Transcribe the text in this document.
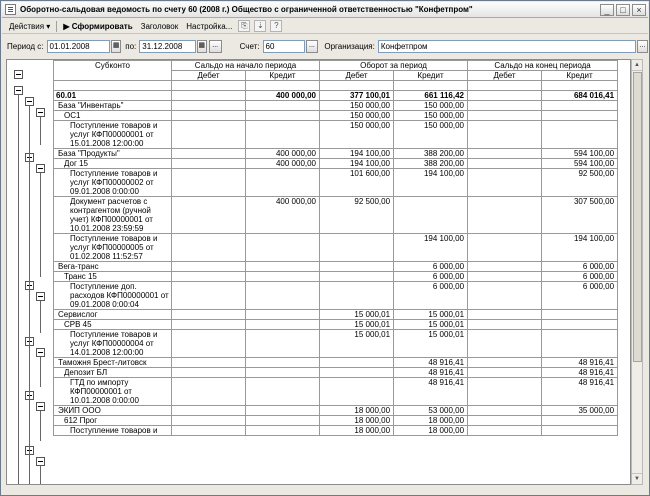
Оборотно-сальдовая ведомость по счету 60 (2008 г.) Общество с ограниченной ответственностью "Конфетпром"	_	□	×
Действия ▾	▶ Сформировать	Заголовок	Настройка...	⎘	⇣	?
Период с: 01.01.2008	▦ по: 31.12.2008	▦	...	Счет: 60	...	Организация: Конфетпром	...
Субконто	Сальдо на начало периода		Оборот за период		Сальдо на конец периода	
	Дебет	Кредит	Дебет	Кредит	Дебет	Кредит

60.01		400 000,00	377 100,01	661 116,42		684 016,41
База "Инвентарь"			150 000,00	150 000,00		
ОС1			150 000,00	150 000,00		
Поступление товаров и услуг КФП00000001 от 15.01.2008 12:00:00			150 000,00	150 000,00		
База "Продукты"		400 000,00	194 100,00	388 200,00		594 100,00
Дог 15		400 000,00	194 100,00	388 200,00		594 100,00
Поступление товаров и услуг КФП00000002 от 09.01.2008 0:00:00			101 600,00	194 100,00		92 500,00
Документ расчетов с контрагентом (ручной учет) КФП00000001 от 10.01.2008 23:59:59		400 000,00	92 500,00			307 500,00
Поступление товаров и услуг КФП00000005 от 01.02.2008 11:52:57				194 100,00		194 100,00
Вега-транс				6 000,00		6 000,00
Транс 15				6 000,00		6 000,00
Поступление доп. расходов КФП00000001 от 09.01.2008 0:00:04				6 000,00		6 000,00
Сервислог			15 000,01	15 000,01		
СРВ 45			15 000,01	15 000,01		
Поступление товаров и услуг КФП00000004 от 14.01.2008 12:00:00			15 000,01	15 000,01		
Таможня Брест-литовск				48 916,41		48 916,41
Депозит БЛ				48 916,41		48 916,41
ГТД по импорту КФП00000001 от 10.01.2008 0:00:00				48 916,41		48 916,41
ЭКИП ООО			18 000,00	53 000,00		35 000,00
612 Прог			18 000,00	18 000,00		
Поступление товаров и			18 000,00	18 000,00		
▲
▼
